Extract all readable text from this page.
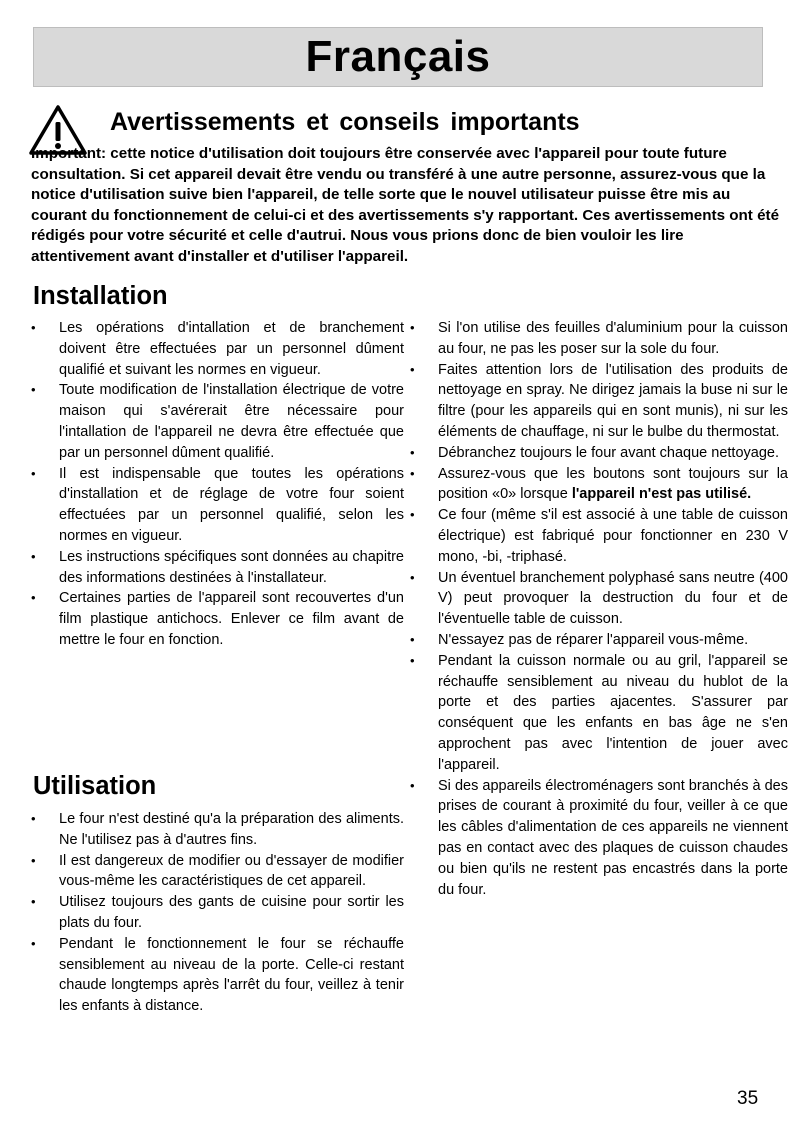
Français
Avertissements et conseils importants

Important: cette notice d'utilisation doit toujours être conservée avec l'appareil pour toute future consultation. Si cet appareil devait être vendu ou transféré à une autre personne, assurez-vous que la notice d'utilisation suive bien l'appareil, de telle sorte que le nouvel utilisateur puisse être mis au courant du fonctionnement de celui-ci et des avertissements s'y rapportant. Ces avertissements ont été rédigés pour votre sécurité et celle d'autrui. Nous vous prions donc de bien vouloir les lire attentivement avant d'installer et d'utiliser l'appareil.

Installation
• Les opérations d'intallation et de branchement doivent être effectuées par un personnel dûment qualifié et suivant les normes en vigueur.
• Toute modification de l'installation électrique de votre maison qui s'avérerait être nécessaire pour l'intallation de l'appareil ne devra être effectuée que par un personnel dûment qualifié.
• Il est indispensable que toutes les opérations d'installation et de réglage de votre four soient effectuées par un personnel qualifié, selon les normes en vigueur.
• Les instructions spécifiques sont données au chapitre des informations destinées à l'installateur.
• Certaines parties de l'appareil sont recouvertes d'un film plastique antichocs. Enlever ce film avant de mettre le four en fonction.
Utilisation
• Le four n'est destiné qu'a la préparation des aliments. Ne l'utilisez pas à d'autres fins.
• Il est dangereux de modifier ou d'essayer de modifier vous-même les caractéristiques de cet appareil.
• Utilisez toujours des gants de cuisine pour sortir les plats du four.
• Pendant le fonctionnement le four se réchauffe sensiblement au niveau de la porte. Celle-ci restant chaude longtemps après l'arrêt du four, veillez à tenir les enfants à distance.
• Si l'on utilise des feuilles d'aluminium pour la cuisson au four, ne pas les poser sur la sole du four.
• Faites attention lors de l'utilisation des produits de nettoyage en spray. Ne dirigez jamais la buse ni sur le filtre (pour les appareils qui en sont munis), ni sur les éléments de chauffage, ni sur le bulbe du thermostat.
• Débranchez toujours le four avant chaque nettoyage.
• Assurez-vous que les boutons sont toujours sur la position «0» lorsque l'appareil n'est pas utilisé.
• Ce four (même s'il est associé à une table de cuisson électrique) est fabriqué pour fonctionner en 230 V mono, -bi, -triphasé.
• Un éventuel branchement polyphasé sans neutre (400 V) peut provoquer la destruction du four et de l'éventuelle table de cuisson.
• N'essayez pas de réparer l'appareil vous-même.
• Pendant la cuisson normale ou au gril, l'appareil se réchauffe sensiblement au niveau du hublot de la porte et des parties ajacentes. S'assurer par conséquent que les enfants en bas âge ne s'en approchent pas avec l'intention de jouer avec l'appareil.
• Si des appareils électroménagers sont branchés à des prises de courant à proximité du four, veiller à ce que les câbles d'alimentation de ces appareils ne viennent pas en contact avec des plaques de cuisson chaudes ou bien qu'ils ne restent pas encastrés dans la porte du four.
35
